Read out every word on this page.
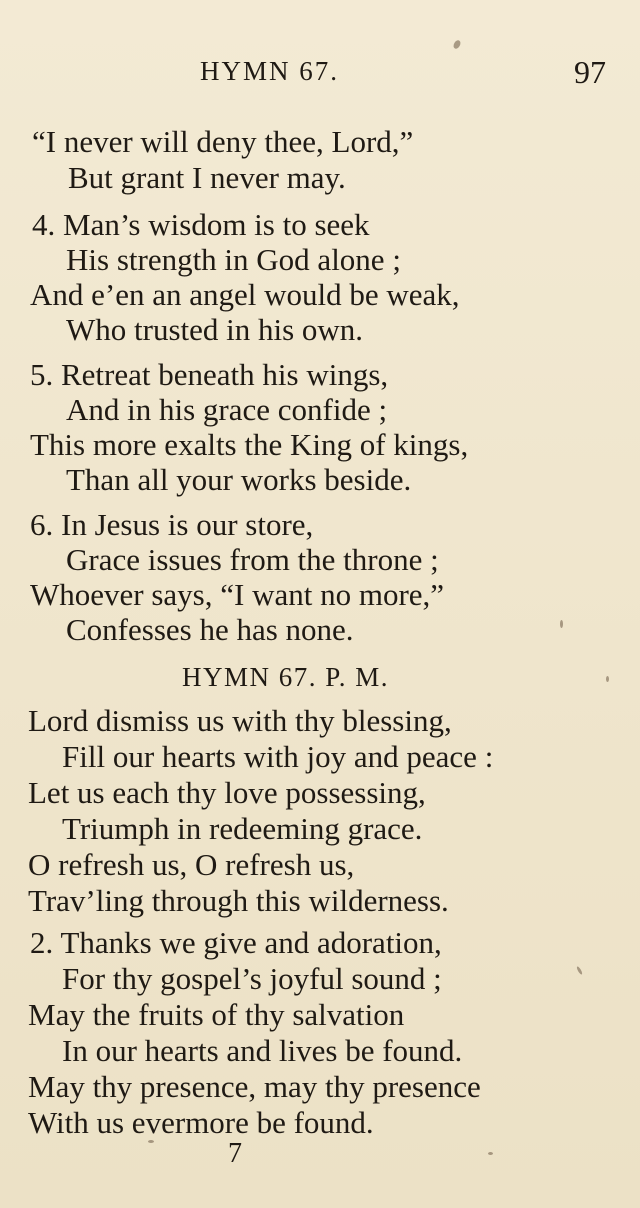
HYMN 67.	97
“I never will deny thee, Lord,”
But grant I never may.
4. Man’s wisdom is to seek
His strength in God alone ;
And e’en an angel would be weak,
Who trusted in his own.
5. Retreat beneath his wings,
And in his grace confide ;
This more exalts the King of kings,
Than all your works beside.
6. In Jesus is our store,
Grace issues from the throne ;
Whoever says, “I want no more,”
Confesses he has none.
HYMN 67. P. M.
Lord dismiss us with thy blessing,
Fill our hearts with joy and peace :
Let us each thy love possessing,
Triumph in redeeming grace.
O refresh us, O refresh us,
Trav’ling through this wilderness.
2. Thanks we give and adoration,
For thy gospel’s joyful sound ;
May the fruits of thy salvation
In our hearts and lives be found.
May thy presence, may thy presence
With us evermore be found.
7
